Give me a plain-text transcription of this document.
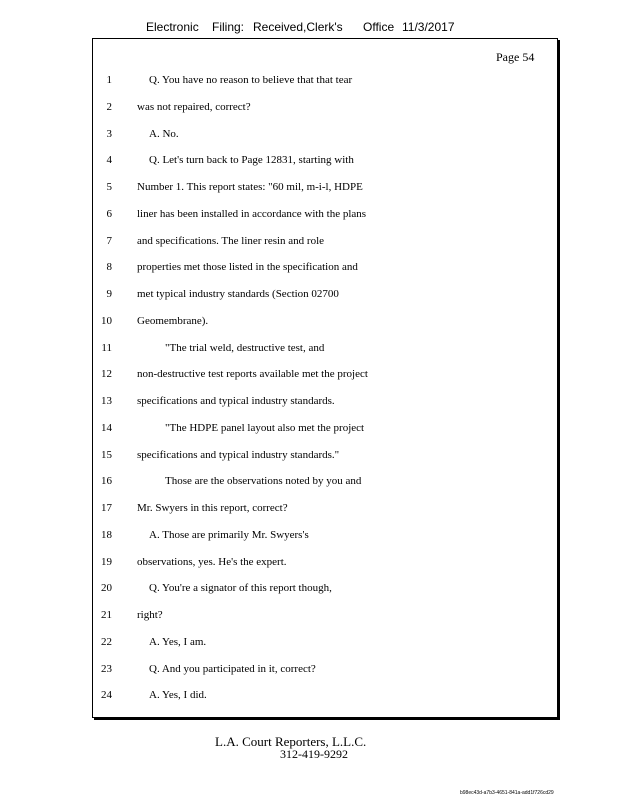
Electronic Filing: Received,Clerk's Office 11/3/2017
Page 54
1	Q. You have no reason to believe that that tear
2 was not repaired, correct?
3	A. No.
4	Q. Let's turn back to Page 12831, starting with
5 Number 1. This report states: "60 mil, m-i-l, HDPE
6 liner has been installed in accordance with the plans
7 and specifications. The liner resin and role
8 properties met those listed in the specification and
9 met typical industry standards (Section 02700
10 Geomembrane).
11	"The trial weld, destructive test, and
12 non-destructive test reports available met the project
13 specifications and typical industry standards.
14	"The HDPE panel layout also met the project
15 specifications and typical industry standards."
16	Those are the observations noted by you and
17 Mr. Swyers in this report, correct?
18	A. Those are primarily Mr. Swyers's
19 observations, yes. He's the expert.
20	Q. You're a signator of this report though,
21 right?
22	A. Yes, I am.
23	Q. And you participated in it, correct?
24	A. Yes, I did.
L.A. Court Reporters, L.L.C.
312-419-9292
b98ec43d-a7b3-4651-841a-add1f726cd29
